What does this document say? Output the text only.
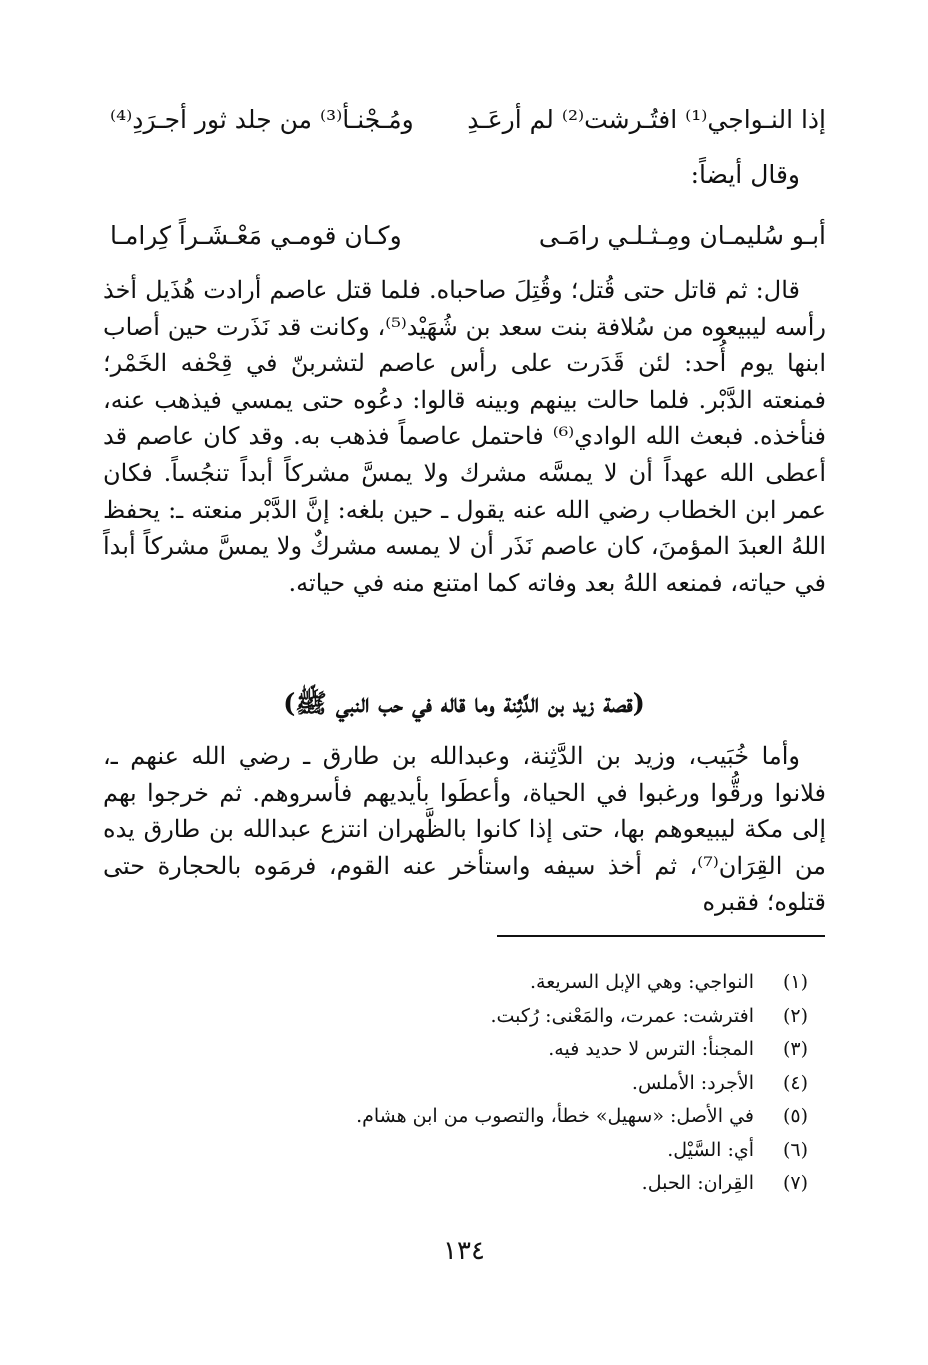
إذا النـواجي⁽¹⁾ افتُـرشت⁽²⁾ لم أرعَـدِ
ومُـجْنـأ⁽³⁾ من جلد ثور أجـرَدِ⁽⁴⁾
وقال أيضاً:
أبـو سُليمـان ومِـثـلـي رامَـى
وكـان قومـي مَعْـشَـراً كِرامـا

قال: ثم قاتل حتى قُتل؛ وقُتِلَ صاحباه. فلما قتل عاصم أرادت هُذَيل أخذ رأسه ليبيعوه من سُلافة بنت سعد بن شُهَيْد⁽⁵⁾، وكانت قد نَذَرت حين أصاب ابنها يوم أُحد: لئن قَدَرت على رأس عاصم لتشربنّ في قِحْفه الخَمْر؛ فمنعته الدَّبْر. فلما حالت بينهم وبينه قالوا: دعُوه حتى يمسي فيذهب عنه، فنأخذه. فبعث الله الوادي⁽⁶⁾ فاحتمل عاصماً فذهب به. وقد كان عاصم قد أعطى الله عهداً أن لا يمسَّه مشرك ولا يمسَّ مشركاً أبداً تنجُساً. فكان عمر ابن الخطاب رضي الله عنه يقول ـ حين بلغه: إنَّ الدَّبْر منعته ـ: يحفظ اللهُ العبدَ المؤمنَ، كان عاصم نَذَر أن لا يمسه مشركٌ ولا يمسَّ مشركاً أبداً في حياته، فمنعه اللهُ بعد وفاته كما امتنع منه في حياته.

(قصة زيد بن الدَّثِنة وما قاله في حب النبي ﷺ)

وأما خُبَيب، وزيد بن الدَّثِنة، وعبدالله بن طارق ـ رضي الله عنهم ـ، فلانوا ورقُّوا ورغبوا في الحياة، وأعطَوا بأيديهم فأسروهم. ثم خرجوا بهم إلى مكة ليبيعوهم بها، حتى إذا كانوا بالظَّهران انتزع عبدالله بن طارق يده من القِرَان⁽⁷⁾، ثم أخذ سيفه واستأخر عنه القوم، فرمَوه بالحجارة حتى قتلوه؛ فقبره

(١)
النواجي: وهي الإبل السريعة.
(٢)
افترشت: عمرت، والمَعْنى: رُكبت.
(٣)
المجنأ: الترس لا حديد فيه.
(٤)
الأجرد: الأملس.
(٥)
في الأصل: «سهيل» خطأ، والتصوب من ابن هشام.
(٦)
أي: السَّيْل.
(٧)
القِران: الحبل.
١٣٤
